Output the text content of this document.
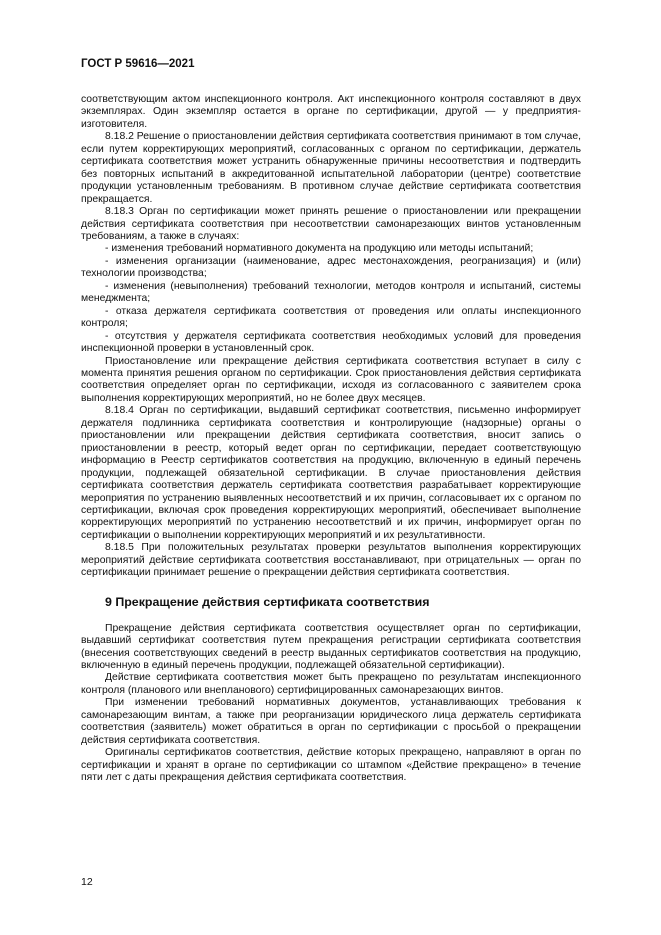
ГОСТ Р 59616—2021

соответствующим актом инспекционного контроля. Акт инспекционного контроля составляют в двух экземплярах. Один экземпляр остается в органе по сертификации, другой — у предприятия-изготовителя.

8.18.2 Решение о приостановлении действия сертификата соответствия принимают в том случае, если путем корректирующих мероприятий, согласованных с органом по сертификации, держатель сертификата соответствия может устранить обнаруженные причины несоответствия и подтвердить без повторных испытаний в аккредитованной испытательной лаборатории (центре) соответствие продукции установленным требованиям. В противном случае действие сертификата соответствия прекращается.

8.18.3 Орган по сертификации может принять решение о приостановлении или прекращении действия сертификата соответствия при несоответствии самонарезающих винтов установленным требованиям, а также в случаях:

- изменения требований нормативного документа на продукцию или методы испытаний;

- изменения организации (наименование, адрес местонахождения, реогранизация) и (или) технологии производства;

- изменения (невыполнения) требований технологии, методов контроля и испытаний, системы менеджмента;

- отказа держателя сертификата соответствия от проведения или оплаты инспекционного контроля;

- отсутствия у держателя сертификата соответствия необходимых условий для проведения инспекционной проверки в установленный срок.

Приостановление или прекращение действия сертификата соответствия вступает в силу с момента принятия решения органом по сертификации. Срок приостановления действия сертификата соответствия определяет орган по сертификации, исходя из согласованного с заявителем срока выполнения корректирующих мероприятий, но не более двух месяцев.

8.18.4 Орган по сертификации, выдавший сертификат соответствия, письменно информирует держателя подлинника сертификата соответствия и контролирующие (надзорные) органы о приостановлении или прекращении действия сертификата соответствия, вносит запись о приостановлении в реестр, который ведет орган по сертификации, передает соответствующую информацию в Реестр сертификатов соответствия на продукцию, включенную в единый перечень продукции, подлежащей обязательной сертификации. В случае приостановления действия сертификата соответствия держатель сертификата соответствия разрабатывает корректирующие мероприятия по устранению выявленных несоответствий и их причин, согласовывает их с органом по сертификации, включая срок проведения корректирующих мероприятий, обеспечивает выполнение корректирующих мероприятий по устранению несоответствий и их причин, информирует орган по сертификации о выполнении корректирующих мероприятий и их результативности.

8.18.5 При положительных результатах проверки результатов выполнения корректирующих мероприятий действие сертификата соответствия восстанавливают, при отрицательных — орган по сертификации принимает решение о прекращении действия сертификата соответствия.

9 Прекращение действия сертификата соответствия

Прекращение действия сертификата соответствия осуществляет орган по сертификации, выдавший сертификат соответствия путем прекращения регистрации сертификата соответствия (внесения соответствующих сведений в реестр выданных сертификатов соответствия на продукцию, включенную в единый перечень продукции, подлежащей обязательной сертификации).

Действие сертификата соответствия может быть прекращено по результатам инспекционного контроля (планового или внепланового) сертифицированных самонарезающих винтов.

При изменении требований нормативных документов, устанавливающих требования к самонарезающим винтам, а также при реорганизации юридического лица держатель сертификата соответствия (заявитель) может обратиться в орган по сертификации с просьбой о прекращении действия сертификата соответствия.

Оригиналы сертификатов соответствия, действие которых прекращено, направляют в орган по сертификации и хранят в органе по сертификации со штампом «Действие прекращено» в течение пяти лет с даты прекращения действия сертификата соответствия.

12
